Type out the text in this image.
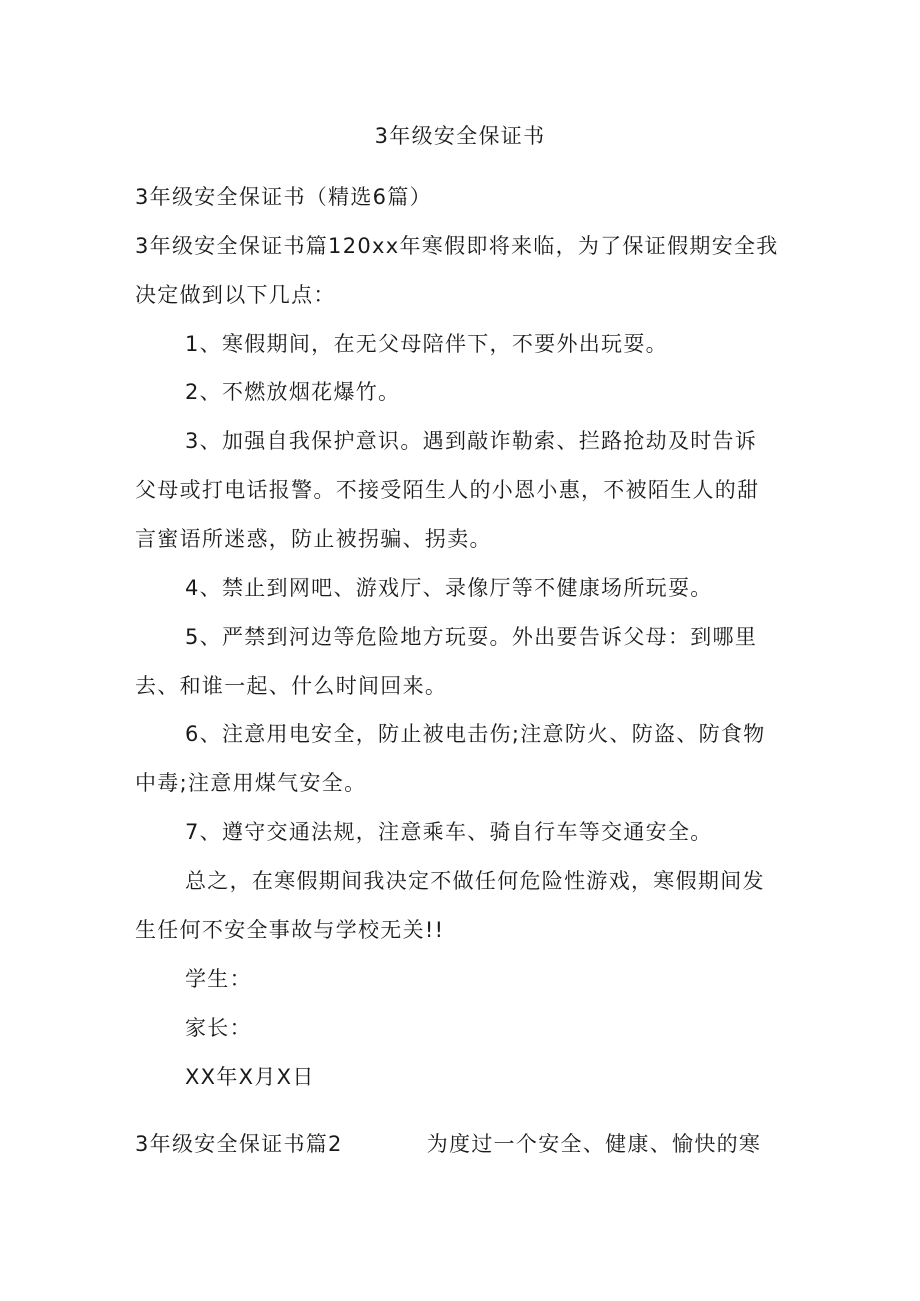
3年级安全保证书
3年级安全保证书（精选6篇）
3年级安全保证书篇120xx年寒假即将来临，为了保证假期安全我
决定做到以下几点：
1、寒假期间，在无父母陪伴下，不要外出玩耍。
2、不燃放烟花爆竹。
3、加强自我保护意识。遇到敲诈勒索、拦路抢劫及时告诉
父母或打电话报警。不接受陌生人的小恩小惠，不被陌生人的甜
言蜜语所迷惑，防止被拐骗、拐卖。
4、禁止到网吧、游戏厅、录像厅等不健康场所玩耍。
5、严禁到河边等危险地方玩耍。外出要告诉父母：到哪里
去、和谁一起、什么时间回来。
6、注意用电安全，防止被电击伤;注意防火、防盗、防食物
中毒;注意用煤气安全。
7、遵守交通法规，注意乘车、骑自行车等交通安全。
总之，在寒假期间我决定不做任何危险性游戏，寒假期间发
生任何不安全事故与学校无关!!
学生：
家长：
XX年X月X日
3年级安全保证书篇2	为度过一个安全、健康、愉快的寒
